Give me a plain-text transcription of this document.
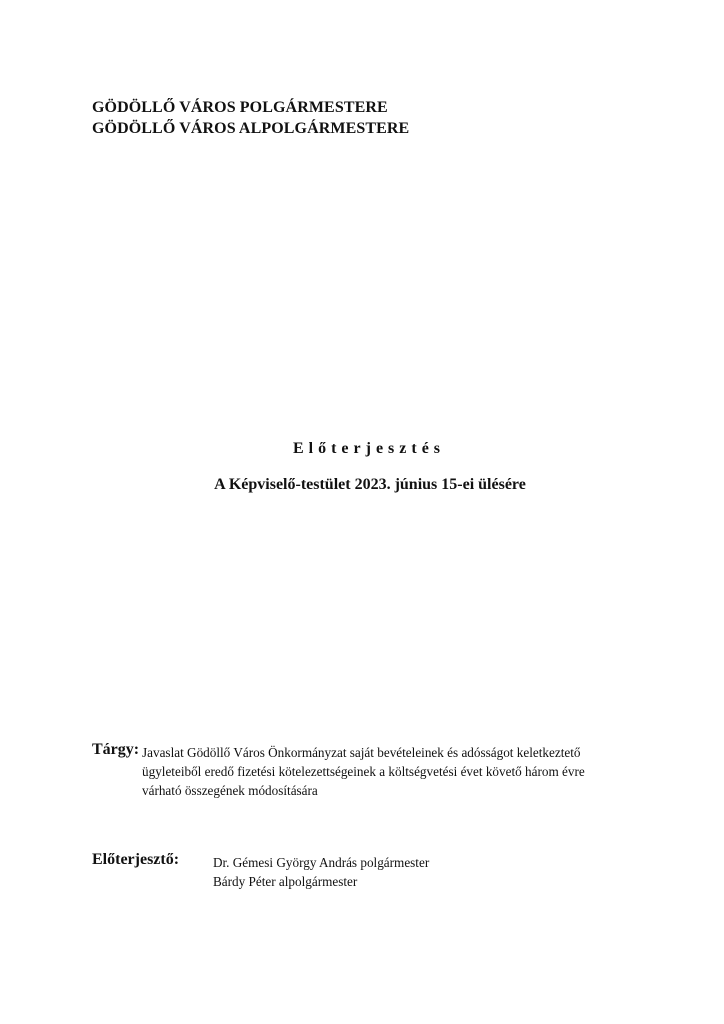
GÖDÖLLŐ VÁROS POLGÁRMESTERE
GÖDÖLLŐ VÁROS ALPOLGÁRMESTERE
Előterjesztés
A Képviselő-testület 2023. június 15-ei ülésére
Tárgy: Javaslat Gödöllő Város Önkormányzat saját bevételeinek és adósságot keletkeztető
ügyleteiből eredő fizetési kötelezettségeinek a költségvetési évet követő három évre
várható összegének módosítására
Előterjesztő:	Dr. Gémesi György András polgármester
Bárdy Péter alpolgármester
